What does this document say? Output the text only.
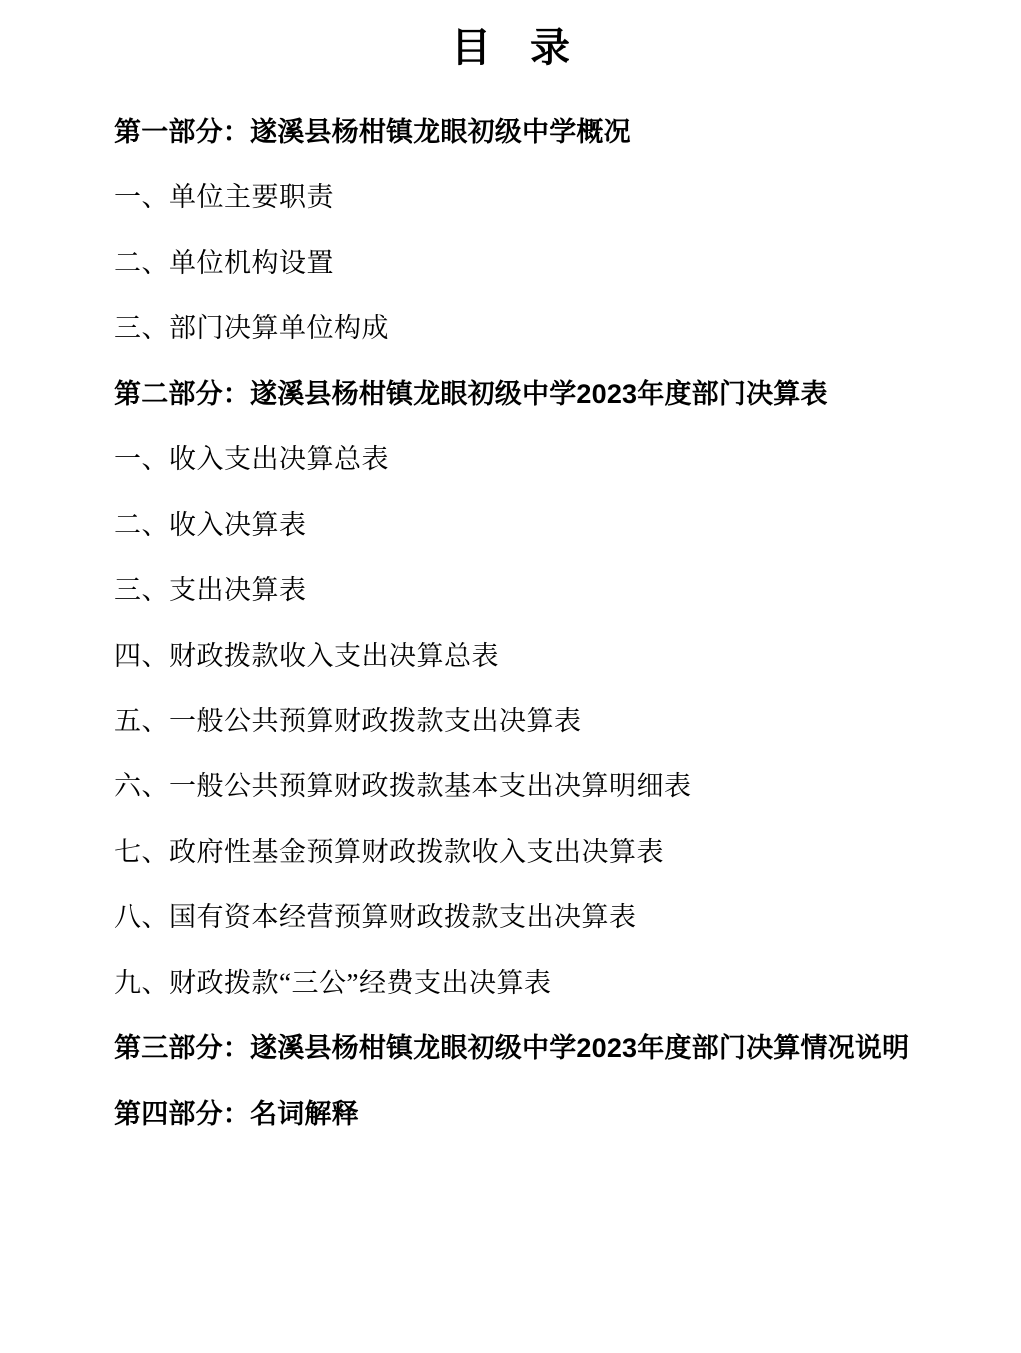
目 录

第一部分：遂溪县杨柑镇龙眼初级中学概况

一、单位主要职责

二、单位机构设置

三、部门决算单位构成

第二部分：遂溪县杨柑镇龙眼初级中学2023年度部门决算表

一、收入支出决算总表

二、收入决算表

三、支出决算表

四、财政拨款收入支出决算总表

五、一般公共预算财政拨款支出决算表

六、一般公共预算财政拨款基本支出决算明细表

七、政府性基金预算财政拨款收入支出决算表

八、国有资本经营预算财政拨款支出决算表

九、财政拨款“三公”经费支出决算表

第三部分：遂溪县杨柑镇龙眼初级中学2023年度部门决算情况说明

第四部分：名词解释
